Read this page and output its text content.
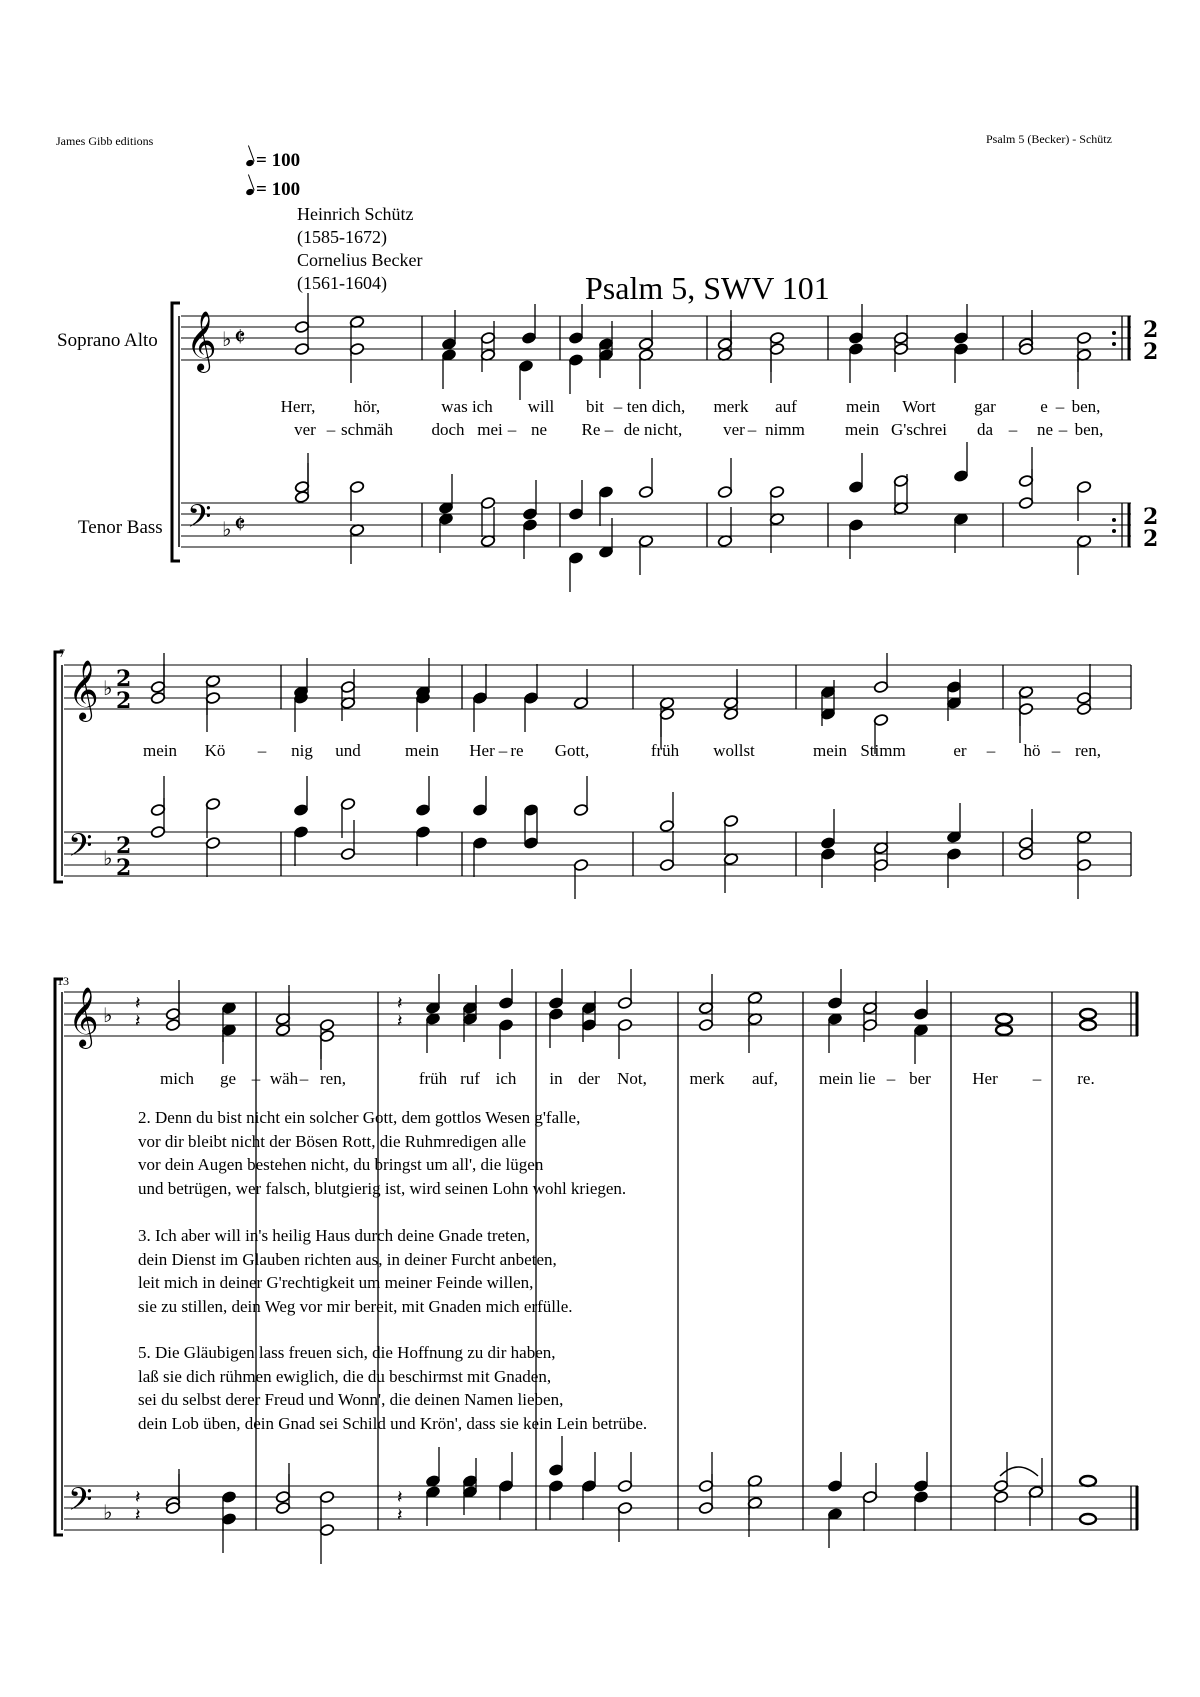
James Gibb editions	Psalm 5 (Becker) - Schütz
= 100
= 100
Heinrich Schütz
(1585-1672)
Cornelius Becker
(1561-1604)	Psalm 5, SWV 101
Soprano Alto
Tenor Bass
7
13
𝄞 ♭ 𝄵
𝄢 ♭ 𝄵
2
2
2
2
𝄞 ♭ 2
2
𝄢 ♭ 2
2
𝄞 ♭
𝄢 ♭
𝄽
𝄽
𝄽
𝄽
𝄽
𝄽
𝄽
𝄽
Herr, hör,	was ich will bit – ten dich, merk auf	mein Wort gar	e – ben,
ver – schmäh doch mei – ne Re – de nicht, ver – nimm mein G'schrei da – ne – ben,
mein Kö – nig und	mein Her – re Gott,	früh wollst	mein Stimm	er – hö – ren,
mich ge – wäh – ren,	früh ruf ich in der Not,	merk auf, mein lie – ber Her – re.
2. Denn du bist nicht ein solcher Gott, dem gottlos Wesen g'falle,
vor dir bleibt nicht der Bösen Rott, die Ruhmredigen alle
vor dein Augen bestehen nicht, du bringst um all', die lügen
und betrügen, wer falsch, blutgierig ist, wird seinen Lohn wohl kriegen.
3. Ich aber will in's heilig Haus durch deine Gnade treten,
dein Dienst im Glauben richten aus, in deiner Furcht anbeten,
leit mich in deiner G'rechtigkeit um meiner Feinde willen,
sie zu stillen, dein Weg vor mir bereit, mit Gnaden mich erfülle.
5. Die Gläubigen lass freuen sich, die Hoffnung zu dir haben,
laß sie dich rühmen ewiglich, die du beschirmst mit Gnaden,
sei du selbst derer Freud und Wonn', die deinen Namen lieben,
dein Lob üben, dein Gnad sei Schild und Krön', dass sie kein Lein betrübe.
